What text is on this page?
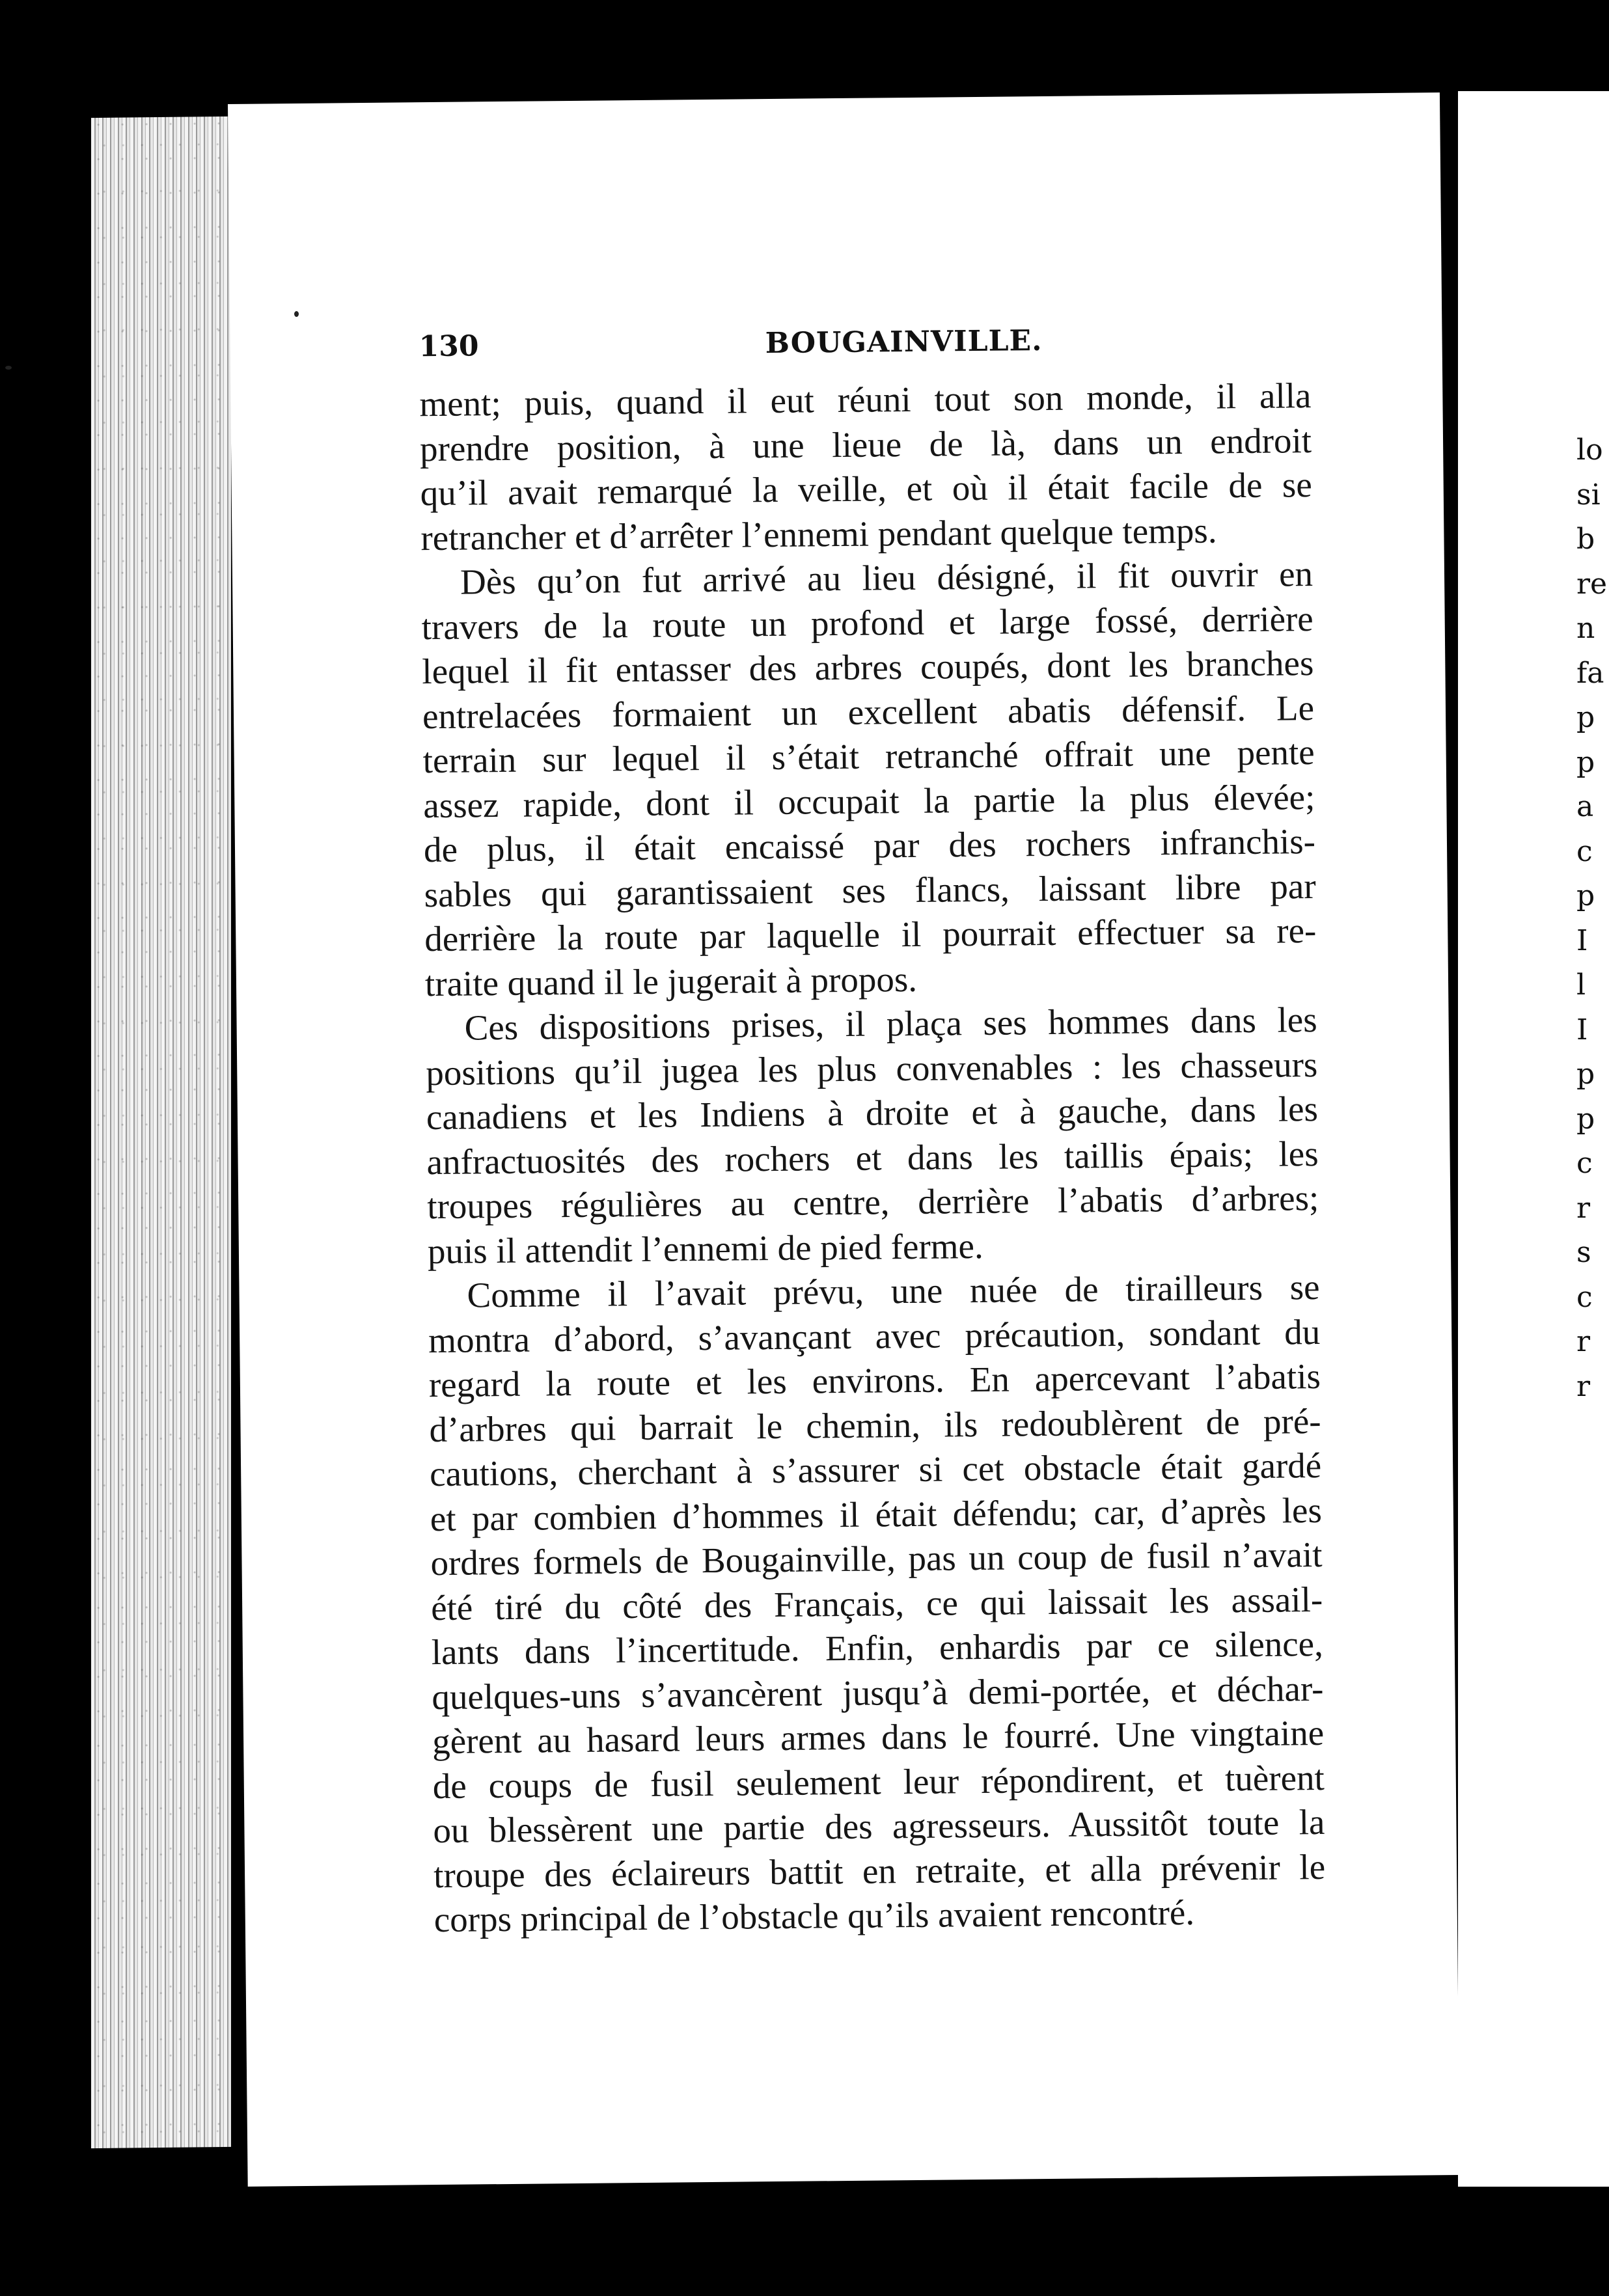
lo
si
b
re
n
fa
p
p
a
c
p
I
l
I
p
p
c
r
s
c
r
r
130	BOUGAINVILLE.
ment; puis, quand il eut réuni tout son monde, il alla
prendre position, à une lieue de là, dans un endroit
qu’il avait remarqué la veille, et où il était facile de se
retrancher et d’arrêter l’ennemi pendant quelque temps.
Dès qu’on fut arrivé au lieu désigné, il fit ouvrir en
travers de la route un profond et large fossé, derrière
lequel il fit entasser des arbres coupés, dont les branches
entrelacées formaient un excellent abatis défensif. Le
terrain sur lequel il s’était retranché offrait une pente
assez rapide, dont il occupait la partie la plus élevée;
de plus, il était encaissé par des rochers infranchis-
sables qui garantissaient ses flancs, laissant libre par
derrière la route par laquelle il pourrait effectuer sa re-
traite quand il le jugerait à propos.
Ces dispositions prises, il plaça ses hommes dans les
positions qu’il jugea les plus convenables : les chasseurs
canadiens et les Indiens à droite et à gauche, dans les
anfractuosités des rochers et dans les taillis épais; les
troupes régulières au centre, derrière l’abatis d’arbres;
puis il attendit l’ennemi de pied ferme.
Comme il l’avait prévu, une nuée de tirailleurs se
montra d’abord, s’avançant avec précaution, sondant du
regard la route et les environs. En apercevant l’abatis
d’arbres qui barrait le chemin, ils redoublèrent de pré-
cautions, cherchant à s’assurer si cet obstacle était gardé
et par combien d’hommes il était défendu; car, d’après les
ordres formels de Bougainville, pas un coup de fusil n’avait
été tiré du côté des Français, ce qui laissait les assail-
lants dans l’incertitude. Enfin, enhardis par ce silence,
quelques-uns s’avancèrent jusqu’à demi-portée, et déchar-
gèrent au hasard leurs armes dans le fourré. Une vingtaine
de coups de fusil seulement leur répondirent, et tuèrent
ou blessèrent une partie des agresseurs. Aussitôt toute la
troupe des éclaireurs battit en retraite, et alla prévenir le
corps principal de l’obstacle qu’ils avaient rencontré.
